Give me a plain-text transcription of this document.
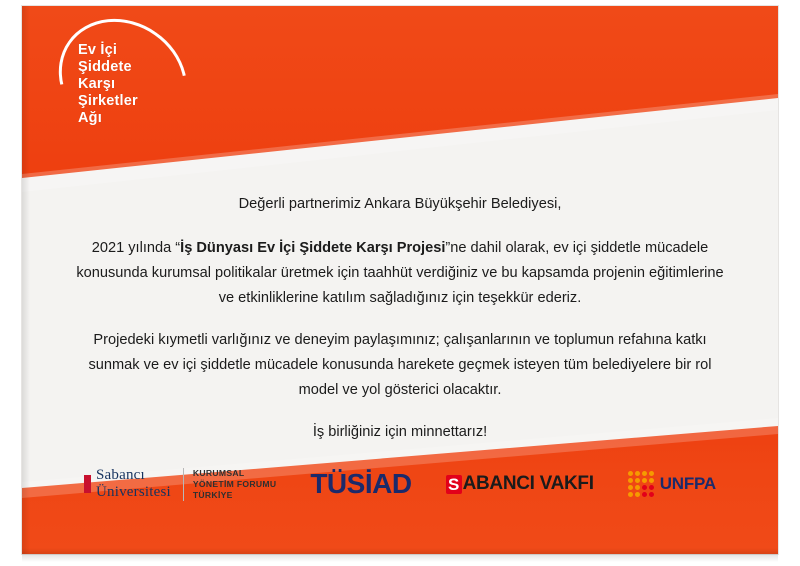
Ev İçi
Şiddete
Karşı
Şirketler
Ağı

Değerli partnerimiz Ankara Büyükşehir Belediyesi,

2021 yılında “İş Dünyası Ev İçi Şiddete Karşı Projesi”ne dahil olarak, ev içi şiddetle mücadele konusunda kurumsal politikalar üretmek için taahhüt verdiğiniz ve bu kapsamda projenin eğitimlerine ve etkinliklerine katılım sağladığınız için teşekkür ederiz.

Projedeki kıymetli varlığınız ve deneyim paylaşımınız; çalışanlarının ve toplumun refahına katkı sunmak ve ev içi şiddetle mücadele konusunda harekete geçmek isteyen tüm belediyelere bir rol model ve yol gösterici olacaktır.

İş birliğiniz için minnettarız!

Sabancı
Üniversitesi
KURUMSAL
YÖNETİM FORUMU
TÜRKİYE	TÜSİAD S ABANCI VAKFI	UNFPA
